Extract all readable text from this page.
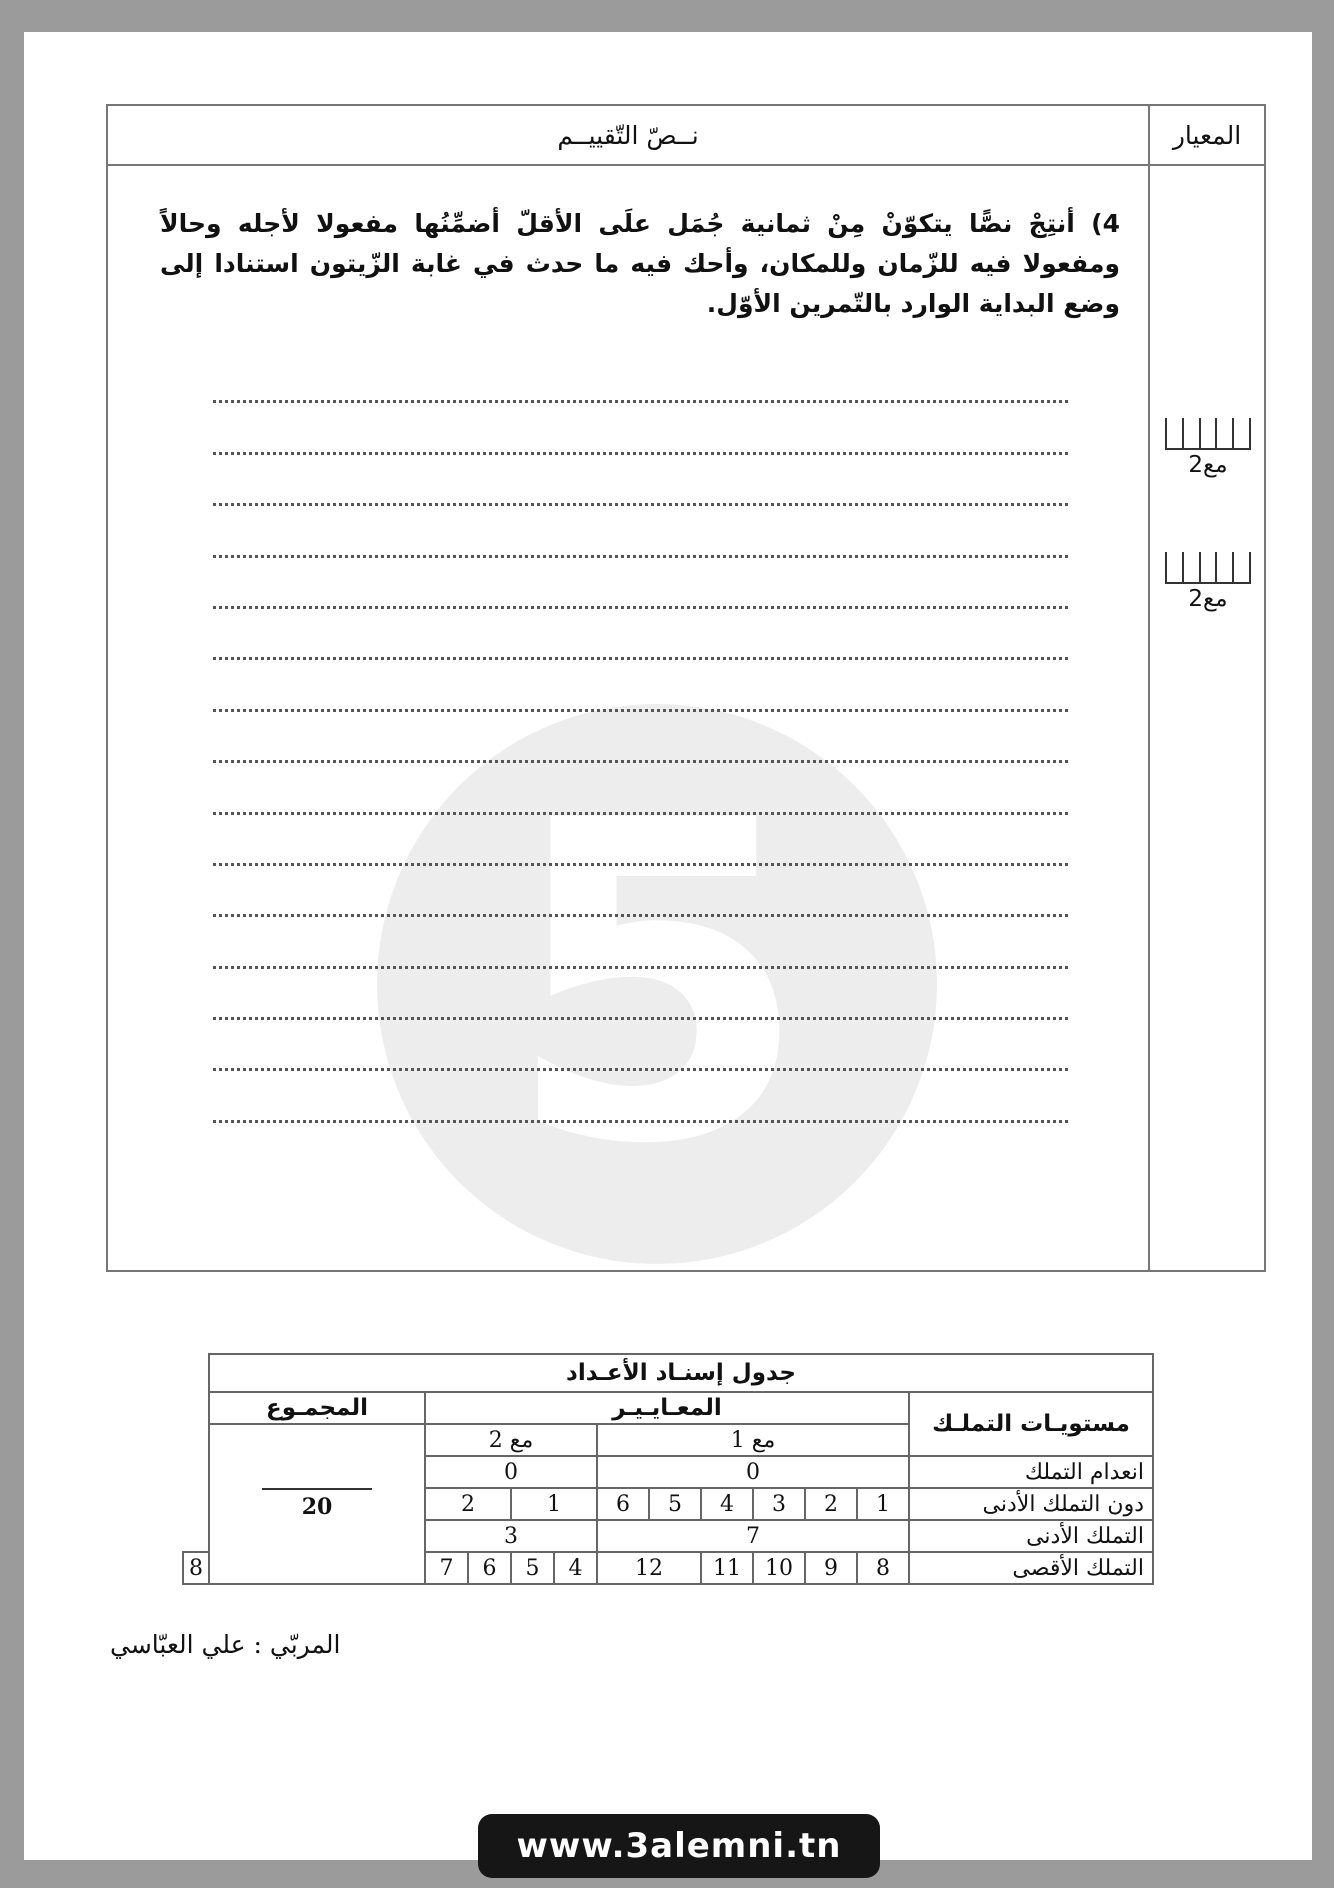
5
المعيار
نــصّ التّقييــم
4) أنتِجْ نصًّا يتكوّنْ مِنْ ثمانية جُمَل علَى الأقلّ أضمِّنُها مفعولا لأجله وحالاً ومفعولا فيه للزّمان وللمكان، وأحك فيه ما حدث في غابة الزّيتون استنادا إلى وضع البداية الوارد بالتّمرين الأوّل.
مع2
مع2
جدول إسنـاد الأعـداد												
مستويـات التملـك	المعـايـيـر										المجمـوع	
	مع 1						مع 2				20	

انعدام التملك	0						0					
دون التملك الأدنى	1	2	3	4	5	6	1		2			
التملك الأدنى	7						3					
التملك الأقصى	8	9	10	11	12		4	5	6	7		8
المربّي : علي العبّاسي
www.3alemni.tn
